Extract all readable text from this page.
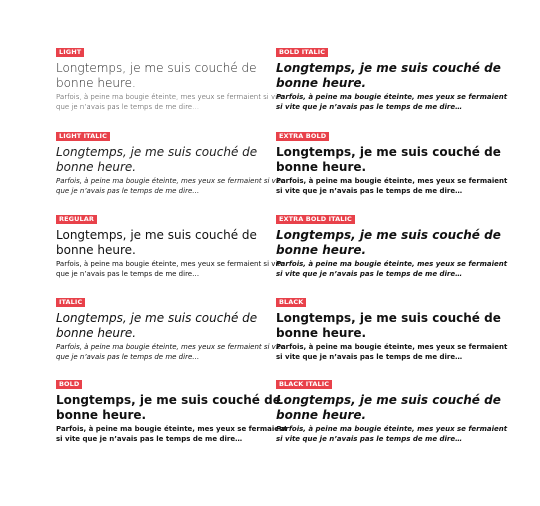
LIGHT
Longtemps, je me suis couché de bonne heure.

Parfois, à peine ma bougie éteinte, mes yeux se fermaient si vite que je n’avais pas le temps de me dire…

LIGHT ITALIC
Longtemps, je me suis couché de bonne heure.

Parfois, à peine ma bougie éteinte, mes yeux se fermaient si vite que je n’avais pas le temps de me dire…

REGULAR
Longtemps, je me suis couché de bonne heure.

Parfois, à peine ma bougie éteinte, mes yeux se fermaient si vite que je n’avais pas le temps de me dire…

ITALIC
Longtemps, je me suis couché de bonne heure.

Parfois, à peine ma bougie éteinte, mes yeux se fermaient si vite que je n’avais pas le temps de me dire…

BOLD
Longtemps, je me suis couché de bonne heure.

Parfois, à peine ma bougie éteinte, mes yeux se fermaient si vite que je n’avais pas le temps de me dire…

BOLD ITALIC
Longtemps, je me suis couché de bonne heure.

Parfois, à peine ma bougie éteinte, mes yeux se fermaient si vite que je n’avais pas le temps de me dire…

EXTRA BOLD
Longtemps, je me suis couché de bonne heure.

Parfois, à peine ma bougie éteinte, mes yeux se fermaient si vite que je n’avais pas le temps de me dire…

EXTRA BOLD ITALIC
Longtemps, je me suis couché de bonne heure.

Parfois, à peine ma bougie éteinte, mes yeux se fermaient si vite que je n’avais pas le temps de me dire…

BLACK
Longtemps, je me suis couché de bonne heure.

Parfois, à peine ma bougie éteinte, mes yeux se fermaient si vite que je n’avais pas le temps de me dire…

BLACK ITALIC
Longtemps, je me suis couché de bonne heure.

Parfois, à peine ma bougie éteinte, mes yeux se fermaient si vite que je n’avais pas le temps de me dire…
